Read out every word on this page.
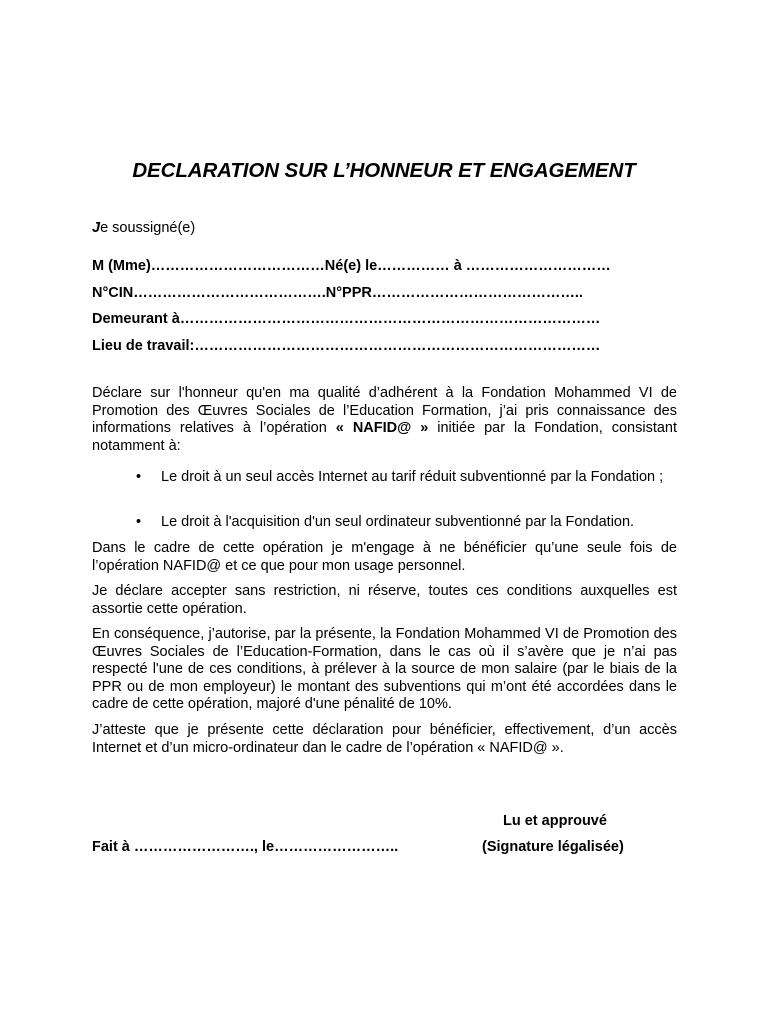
DECLARATION SUR L’HONNEUR ET ENGAGEMENT
Je soussigné(e)
M (Mme)………………………………Né(e) le…………… à …………………………
N°CIN………………………………….N°PPR……………………………………..
Demeurant à……………………………………………………………………………
Lieu de travail:…………………………………………………………………………
Déclare sur l'honneur qu'en ma qualité d’adhérent à la Fondation Mohammed VI de Promotion des Œuvres Sociales de l’Education Formation, j’ai pris connaissance des informations relatives à l’opération « NAFID@ » initiée par la Fondation, consistant notamment à:
• Le droit à un seul accès Internet au tarif réduit subventionné par la Fondation ;
• Le droit à l'acquisition d'un seul ordinateur subventionné par la Fondation.
Dans le cadre de cette opération je m'engage à ne bénéficier qu’une seule fois de l’opération NAFID@ et ce que pour mon usage personnel.
Je déclare accepter sans restriction, ni réserve, toutes ces conditions auxquelles est assortie cette opération.
En conséquence, j’autorise, par la présente, la Fondation Mohammed VI de Promotion des Œuvres Sociales de l’Education-Formation, dans le cas où il s’avère que je n’ai pas respecté l'une de ces conditions, à prélever à la source de mon salaire (par le biais de la PPR ou de mon employeur) le montant des subventions qui m’ont été accordées dans le cadre de cette opération, majoré d'une pénalité de 10%.
J’atteste que je présente cette déclaration pour bénéficier, effectivement, d’un accès Internet et d’un micro-ordinateur dan le cadre de l’opération « NAFID@ ».
Lu et approuvé
Fait à ……………………., le……………………..	(Signature légalisée)
